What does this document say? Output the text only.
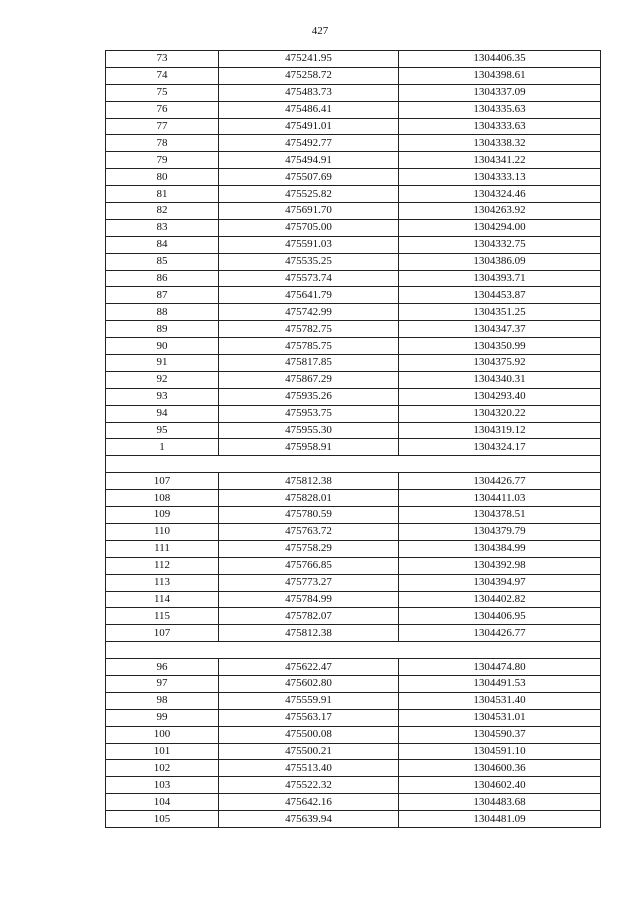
427
73	475241.95	1304406.35
74	475258.72	1304398.61
75	475483.73	1304337.09
76	475486.41	1304335.63
77	475491.01	1304333.63
78	475492.77	1304338.32
79	475494.91	1304341.22
80	475507.69	1304333.13
81	475525.82	1304324.46
82	475691.70	1304263.92
83	475705.00	1304294.00
84	475591.03	1304332.75
85	475535.25	1304386.09
86	475573.74	1304393.71
87	475641.79	1304453.87
88	475742.99	1304351.25
89	475782.75	1304347.37
90	475785.75	1304350.99
91	475817.85	1304375.92
92	475867.29	1304340.31
93	475935.26	1304293.40
94	475953.75	1304320.22
95	475955.30	1304319.12
1	475958.91	1304324.17

107	475812.38	1304426.77
108	475828.01	1304411.03
109	475780.59	1304378.51
110	475763.72	1304379.79
111	475758.29	1304384.99
112	475766.85	1304392.98
113	475773.27	1304394.97
114	475784.99	1304402.82
115	475782.07	1304406.95
107	475812.38	1304426.77

96	475622.47	1304474.80
97	475602.80	1304491.53
98	475559.91	1304531.40
99	475563.17	1304531.01
100	475500.08	1304590.37
101	475500.21	1304591.10
102	475513.40	1304600.36
103	475522.32	1304602.40
104	475642.16	1304483.68
105	475639.94	1304481.09
